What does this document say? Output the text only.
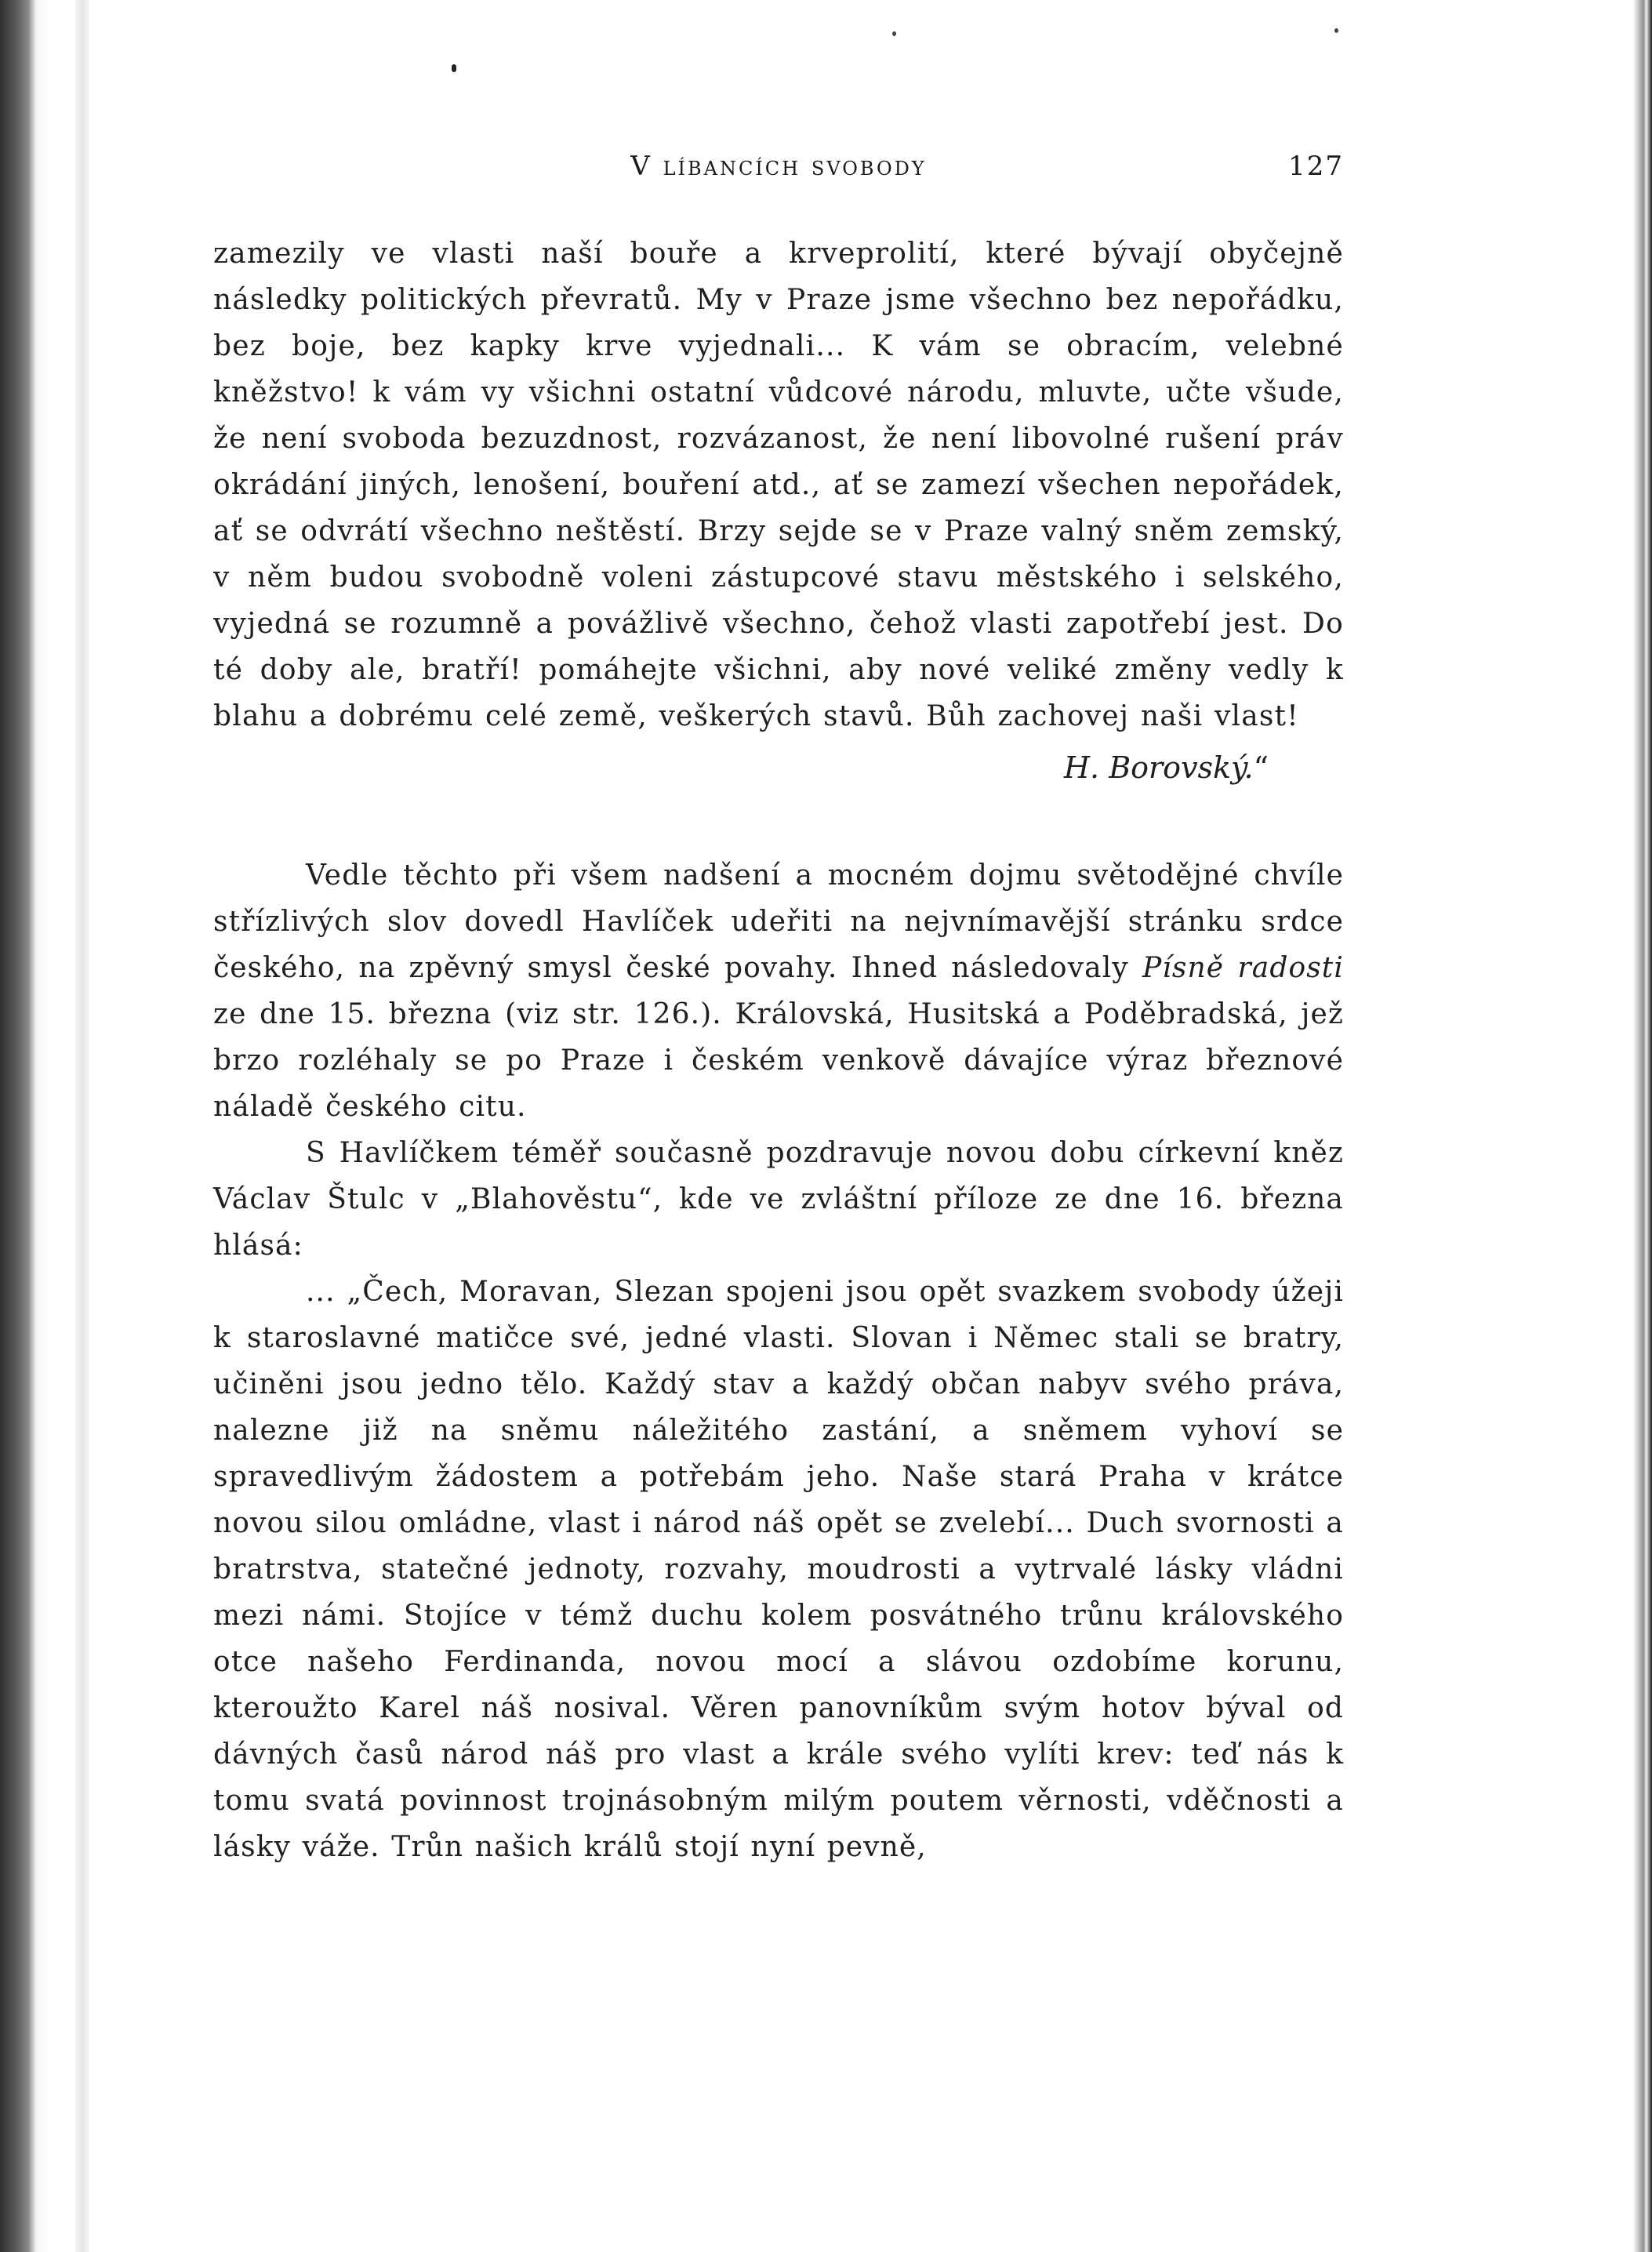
V líbancích svobody	127
zamezily ve vlasti naší bouře a krveprolití, které bývají obyčejně následky politických převratů. My v Praze jsme všechno bez nepořádku, bez boje, bez kapky krve vyjednali... K vám se obracím, velebné kněžstvo! k vám vy všichni ostatní vůdcové národu, mluvte, učte všude, že není svoboda bezuzdnost, rozvázanost, že není libovolné rušení práv okrádání jiných, lenošení, bouření atd., ať se zamezí všechen nepořádek, ať se odvrátí všechno neštěstí. Brzy sejde se v Praze valný sněm zemský, v něm budou svobodně voleni zástupcové stavu městského i selského, vyjedná se rozumně a povážlivě všechno, čehož vlasti zapotřebí jest. Do té doby ale, bratří! pomáhejte všichni, aby nové veliké změny vedly k blahu a dobrému celé země, veškerých stavů. Bůh zachovej naši vlast!
H. Borovský.“

Vedle těchto při všem nadšení a mocném dojmu světodějné chvíle střízlivých slov dovedl Havlíček udeřiti na nejvnímavější stránku srdce českého, na zpěvný smysl české povahy. Ihned následovaly Písně radosti ze dne 15. března (viz str. 126.). Královská, Husitská a Poděbradská, jež brzo rozléhaly se po Praze i českém venkově dávajíce výraz březnové náladě českého citu.

S Havlíčkem téměř současně pozdravuje novou dobu církevní kněz Václav Štulc v „Blahověstu“, kde ve zvláštní příloze ze dne 16. března hlásá:

... „Čech, Moravan, Slezan spojeni jsou opět svazkem svobody úžeji k staroslavné matičce své, jedné vlasti. Slovan i Němec stali se bratry, učiněni jsou jedno tělo. Každý stav a každý občan nabyv svého práva, nalezne již na sněmu náležitého zastání, a sněmem vyhoví se spravedlivým žádostem a potřebám jeho. Naše stará Praha v krátce novou silou omládne, vlast i národ náš opět se zvelebí... Duch svornosti a bratrstva, statečné jednoty, rozvahy, moudrosti a vytrvalé lásky vládni mezi námi. Stojíce v témž duchu kolem posvátného trůnu královského otce našeho Ferdinanda, novou mocí a slávou ozdobíme korunu, kteroužto Karel náš nosival. Věren panovníkům svým hotov býval od dávných časů národ náš pro vlast a krále svého vylíti krev: teď nás k tomu svatá povinnost trojnásobným milým poutem věrnosti, vděčnosti a lásky váže. Trůn našich králů stojí nyní pevně,
